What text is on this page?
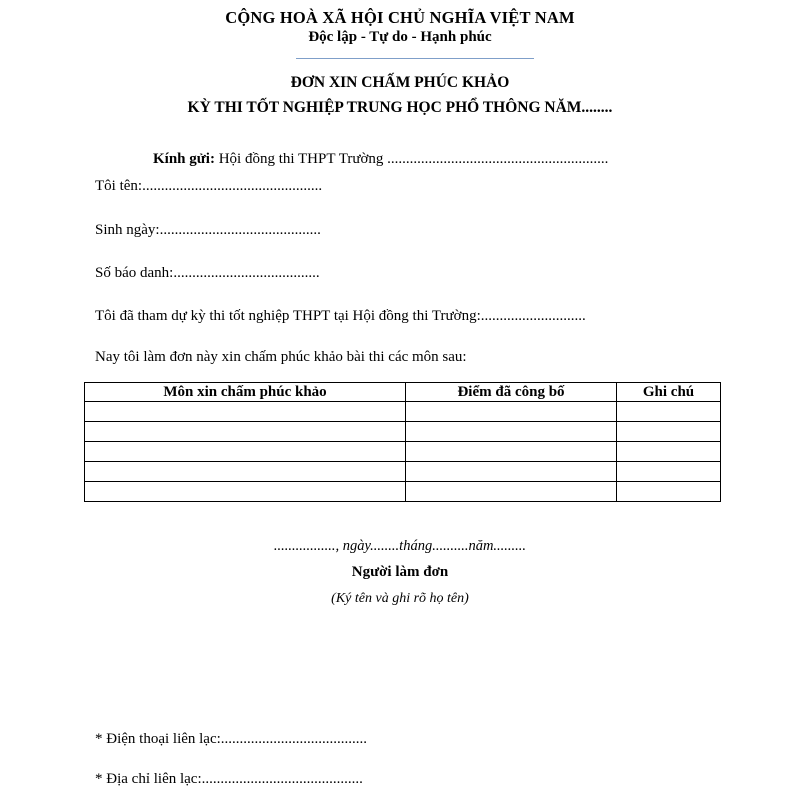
CỘNG HOÀ XÃ HỘI CHỦ NGHĨA VIỆT NAM
Độc lập - Tự do - Hạnh phúc
ĐƠN XIN CHẤM PHÚC KHẢO
KỲ THI TỐT NGHIỆP TRUNG HỌC PHỔ THÔNG NĂM........
Kính gửi: Hội đồng thi THPT Trường ...........................................................
Tôi tên:................................................
Sinh ngày:...........................................
Số báo danh:.......................................
Tôi đã tham dự kỳ thi tốt nghiệp THPT tại Hội đồng thi Trường:............................
Nay tôi làm đơn này xin chấm phúc khảo bài thi các môn sau:
Môn xin chấm phúc khảo	Điểm đã công bố	Ghi chú

................., ngày........tháng..........năm.........
Người làm đơn
(Ký tên và ghi rõ họ tên)
* Điện thoại liên lạc:.......................................
* Địa chỉ liên lạc:...........................................
